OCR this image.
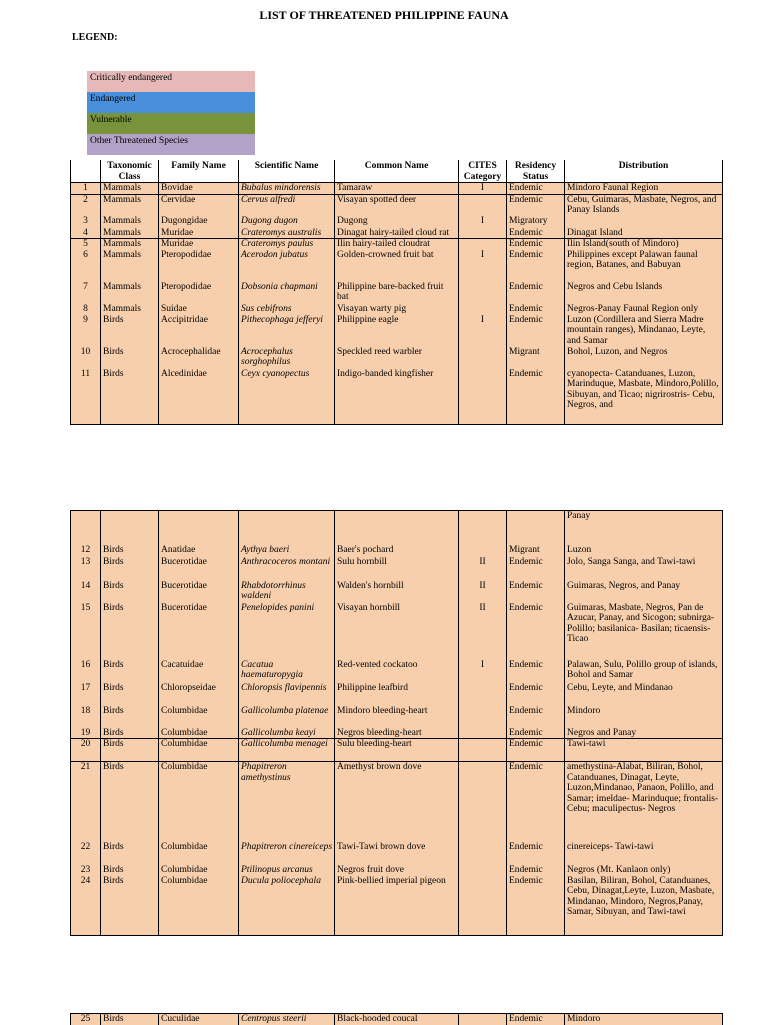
LIST OF THREATENED PHILIPPINE FAUNA
LEGEND:
Critically endangered
Endangered
Vulnerable
Other Threatened Species
	Taxonomic Class	Family Name	Scientific Name	Common Name	CITES Category	Residency Status	Distribution
1	Mammals	Bovidae	Bubalus mindorensis	Tamaraw	I	Endemic	Mindoro Faunal Region
2	Mammals	Cervidae	Cervus alfredi	Visayan spotted deer		Endemic	Cebu, Guimaras, Masbate, Negros, and Panay Islands
3	Mammals	Dugongidae	Dugong dugon	Dugong	I	Migratory	
4	Mammals	Muridae	Crateromys australis	Dinagat hairy-tailed cloud rat		Endemic	Dinagat Island
5	Mammals	Muridae	Crateromys paulus	Ilin hairy-tailed cloudrat		Endemic	Ilin Island(south of Mindoro)
6	Mammals	Pteropodidae	Acerodon jubatus	Golden-crowned fruit bat	I	Endemic	Philippines except Palawan faunal region, Batanes, and Babuyan
7	Mammals	Pteropodidae	Dobsonia chapmani	Philippine bare-backed fruit bat		Endemic	Negros and Cebu Islands
8	Mammals	Suidae	Sus cebifrons	Visayan warty pig		Endemic	Negros-Panay Faunal Region only
9	Birds	Accipitridae	Pithecophaga jefferyi	Philippine eagle	I	Endemic	Luzon (Cordillera and Sierra Madre mountain ranges), Mindanao, Leyte, and Samar
10	Birds	Acrocephalidae	Acrocephalus sorghophilus	Speckled reed warbler		Migrant	Bohol, Luzon, and Negros
11	Birds	Alcedinidae	Ceyx cyanopectus	Indigo-banded kingfisher		Endemic	cyanopecta- Catanduanes, Luzon, Marinduque, Masbate, Mindoro,Polillo, Sibuyan, and Ticao; nigrirostris- Cebu, Negros, and
							Panay
12	Birds	Anatidae	Aythya baeri	Baer's pochard		Migrant	Luzon
13	Birds	Bucerotidae	Anthracoceros montani	Sulu hornbill	II	Endemic	Jolo, Sanga Sanga, and Tawi-tawi
14	Birds	Bucerotidae	Rhabdotorrhinus waldeni	Walden's hornbill	II	Endemic	Guimaras, Negros, and Panay
15	Birds	Bucerotidae	Penelopides panini	Visayan hornbill	II	Endemic	Guimaras, Masbate, Negros, Pan de Azucar, Panay, and Sicogon; subnirga- Polillo; basilanica- Basilan; ticaensis- Ticao
16	Birds	Cacatuidae	Cacatua haematuropygia	Red-vented cockatoo	I	Endemic	Palawan, Sulu, Polillo group of islands, Bohol and Samar
17	Birds	Chloropseidae	Chloropsis flavipennis	Philippine leafbird		Endemic	Cebu, Leyte, and Mindanao
18	Birds	Columbidae	Gallicolumba platenae	Mindoro bleeding-heart		Endemic	Mindoro
19	Birds	Columbidae	Gallicolumba keayi	Negros bleeding-heart		Endemic	Negros and Panay
20	Birds	Columbidae	Gallicolumba menagei	Sulu bleeding-heart		Endemic	Tawi-tawi
21	Birds	Columbidae	Phapitreron amethystinus	Amethyst brown dove		Endemic	amethystina-Alabat, Biliran, Bohol, Catanduanes, Dinagat, Leyte, Luzon,Mindanao, Panaon, Polillo, and Samar; imeldae- Marinduque; frontalis- Cebu; maculipectus- Negros
22	Birds	Columbidae	Phapitreron cinereiceps	Tawi-Tawi brown dove		Endemic	cinereiceps- Tawi-tawi
23	Birds	Columbidae	Ptilinopus arcanus	Negros fruit dove		Endemic	Negros (Mt. Kanlaon only)
24	Birds	Columbidae	Ducula poliocephala	Pink-bellied imperial pigeon		Endemic	Basilan, Biliran, Bohol, Catanduanes, Cebu, Dinagat,Leyte, Luzon, Masbate, Mindanao, Mindoro, Negros,Panay, Samar, Sibuyan, and Tawi-tawi
25	Birds	Cuculidae	Centropus steerii	Black-hooded coucal		Endemic	Mindoro
